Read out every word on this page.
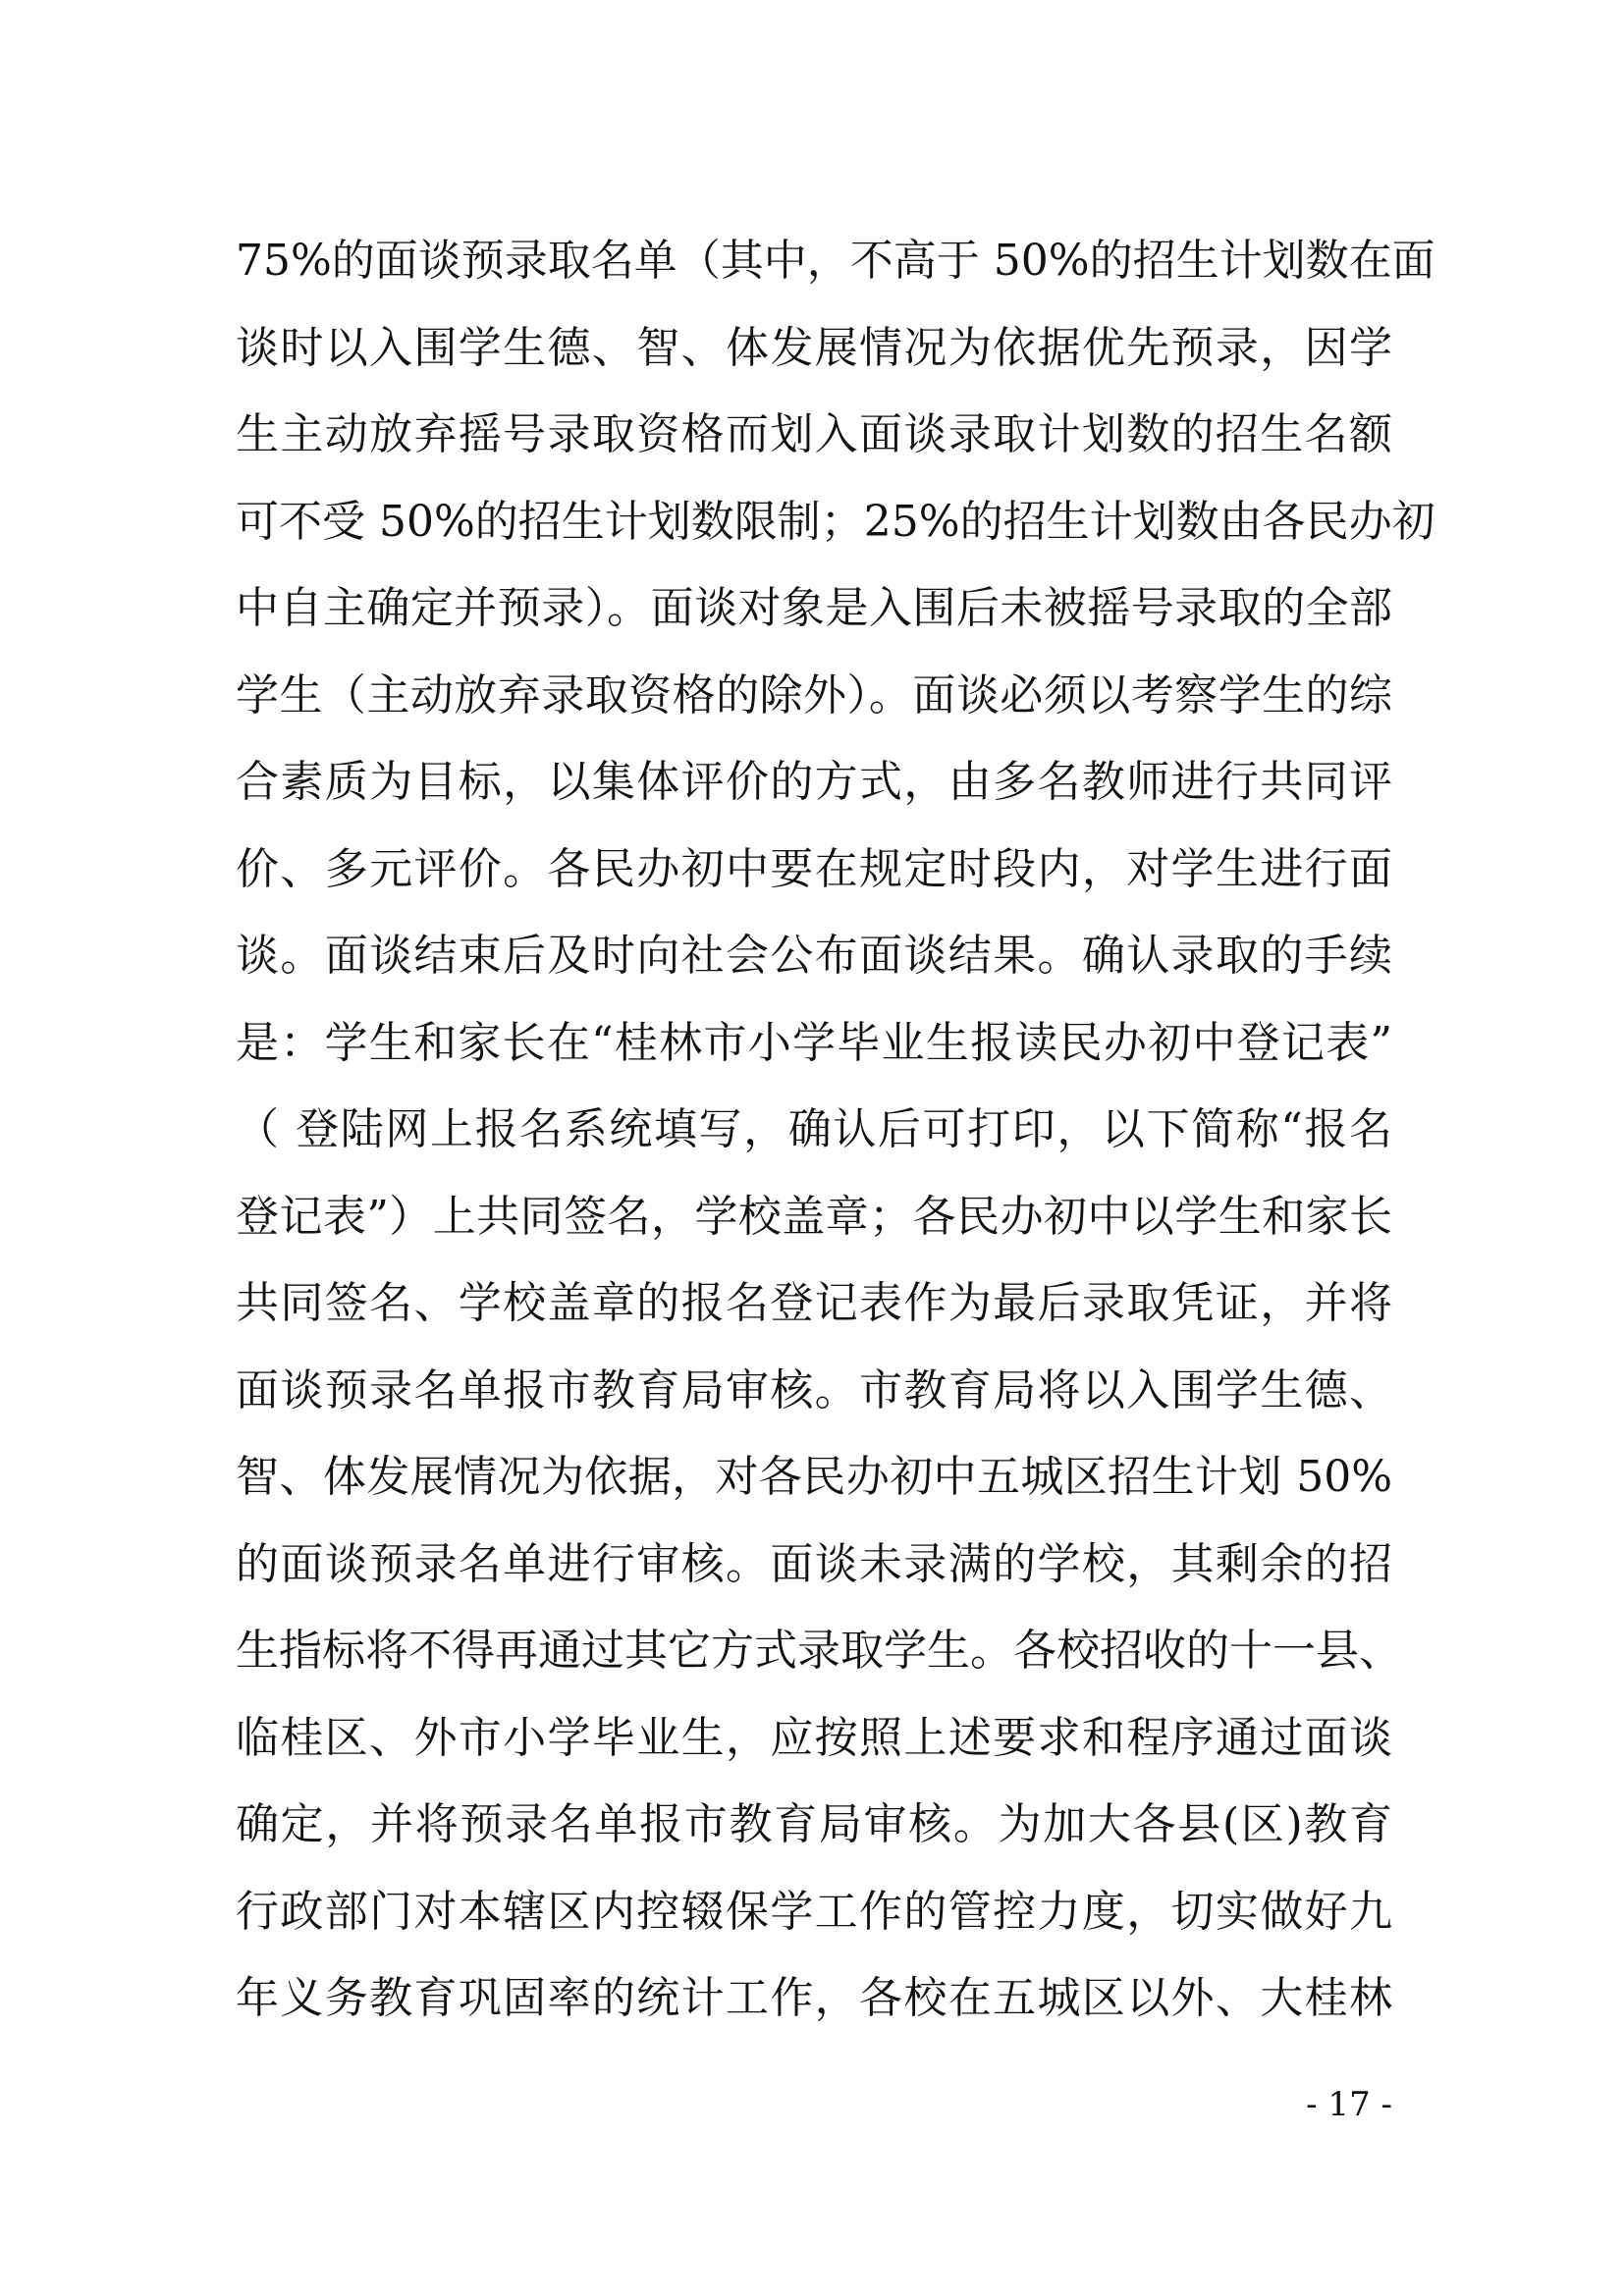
75%的面谈预录取名单（其中，不高于 50%的招生计划数在面
谈时以入围学生德、智、体发展情况为依据优先预录，因学
生主动放弃摇号录取资格而划入面谈录取计划数的招生名额
可不受 50%的招生计划数限制；25%的招生计划数由各民办初
中自主确定并预录）。面谈对象是入围后未被摇号录取的全部
学生（主动放弃录取资格的除外）。面谈必须以考察学生的综
合素质为目标，以集体评价的方式，由多名教师进行共同评
价、多元评价。各民办初中要在规定时段内，对学生进行面
谈。面谈结束后及时向社会公布面谈结果。确认录取的手续
是：学生和家长在“桂林市小学毕业生报读民办初中登记表”
（ 登陆网上报名系统填写，确认后可打印，以下简称“报名
登记表”）上共同签名，学校盖章；各民办初中以学生和家长
共同签名、学校盖章的报名登记表作为最后录取凭证，并将
面谈预录名单报市教育局审核。市教育局将以入围学生德、
智、体发展情况为依据，对各民办初中五城区招生计划 50%
的面谈预录名单进行审核。面谈未录满的学校，其剩余的招
生指标将不得再通过其它方式录取学生。各校招收的十一县、
临桂区、外市小学毕业生，应按照上述要求和程序通过面谈
确定，并将预录名单报市教育局审核。为加大各县(区)教育
行政部门对本辖区内控辍保学工作的管控力度，切实做好九
年义务教育巩固率的统计工作，各校在五城区以外、大桂林
- 17 -
